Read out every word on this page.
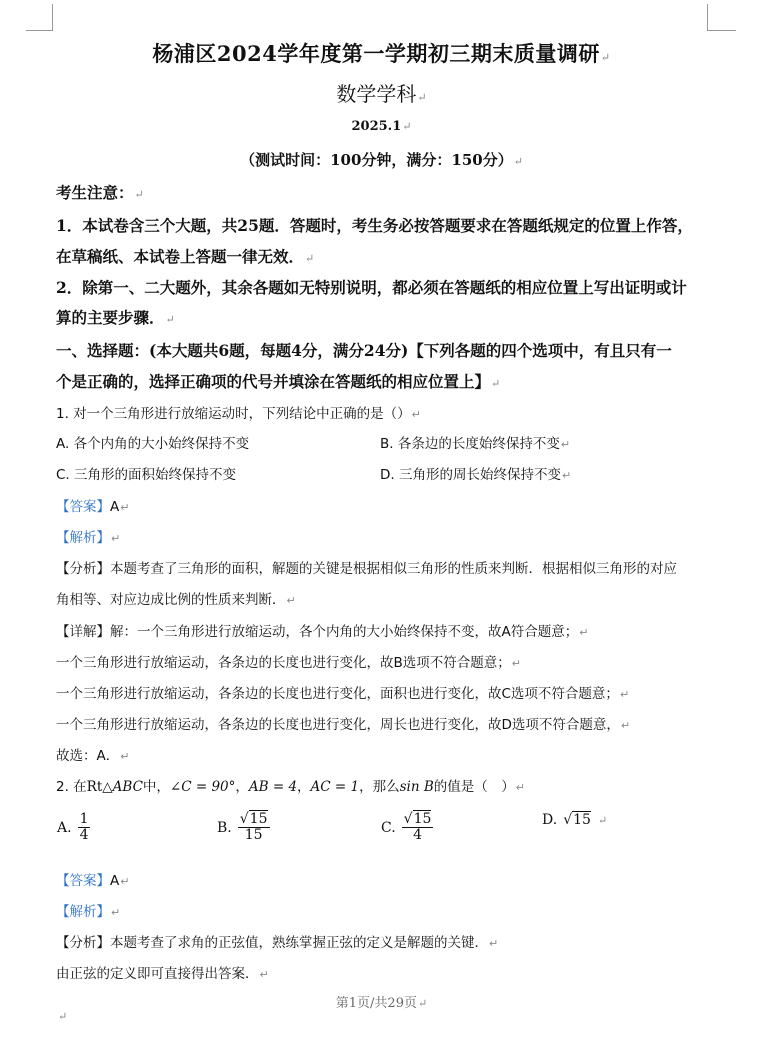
杨浦区2024学年度第一学期初三期末质量调研↵
数学学科↵
2025.1↵
（测试时间：100分钟，满分：150分）↵
考生注意：↵
1．本试卷含三个大题，共25题．答题时，考生务必按答题要求在答题纸规定的位置上作答，
在草稿纸、本试卷上答题一律无效．↵
2．除第一、二大题外，其余各题如无特别说明，都必须在答题纸的相应位置上写出证明或计
算的主要步骤．↵
一、选择题：(本大题共6题，每题4分，满分24分)【下列各题的四个选项中，有且只有一
个是正确的，选择正确项的代号并填涂在答题纸的相应位置上】↵
1. 对一个三角形进行放缩运动时，下列结论中正确的是（）↵
A. 各个内角的大小始终保持不变	B. 各条边的长度始终保持不变↵
C. 三角形的面积始终保持不变	D. 三角形的周长始终保持不变↵
【答案】A↵
【解析】↵
【分析】本题考查了三角形的面积，解题的关键是根据相似三角形的性质来判断．根据相似三角形的对应
角相等、对应边成比例的性质来判断．↵
【详解】解：一个三角形进行放缩运动，各个内角的大小始终保持不变，故A符合题意；↵
一个三角形进行放缩运动，各条边的长度也进行变化，故B选项不符合题意；↵
一个三角形进行放缩运动，各条边的长度也进行变化，面积也进行变化，故C选项不符合题意；↵
一个三角形进行放缩运动，各条边的长度也进行变化，周长也进行变化，故D选项不符合题意，↵
故选：A．↵
2. 在Rt△ABC中，∠C = 90°，AB = 4，AC = 1，那么sin B的值是（　）↵
A. $\frac{1}{4}$	B. $\frac{√15}{15}$	C. $\frac{√15}{4}$	D. √15 ↵
【答案】A↵
【解析】↵
【分析】本题考查了求角的正弦值，熟练掌握正弦的定义是解题的关键．↵
由正弦的定义即可直接得出答案．↵
第1页/共29页↵
↵
